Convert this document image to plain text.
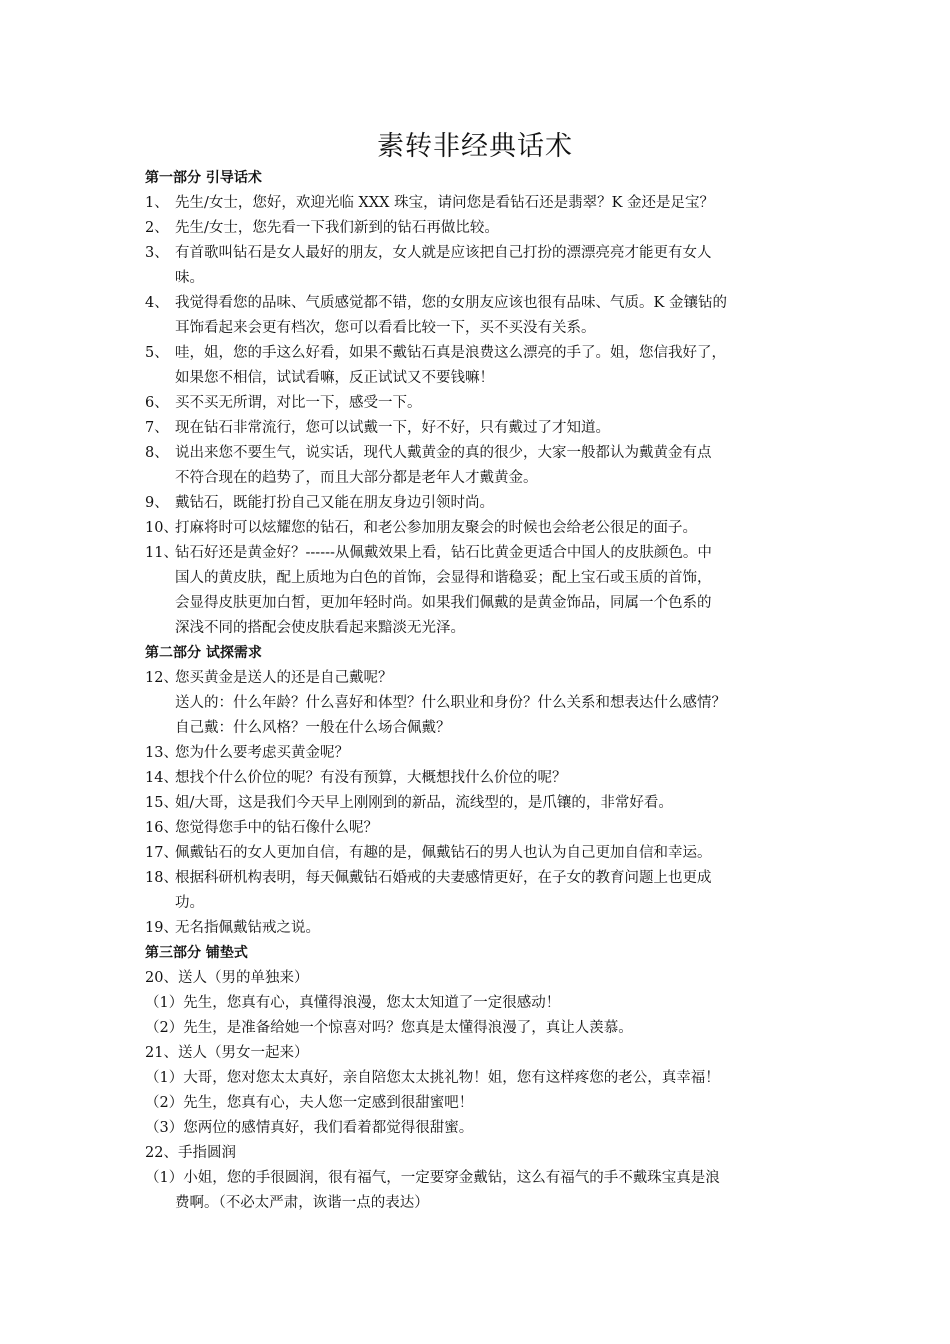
素转非经典话术
第一部分 引导话术
1、 先生/女士，您好，欢迎光临 XXX 珠宝，请问您是看钻石还是翡翠？K 金还是足宝？
2、 先生/女士，您先看一下我们新到的钻石再做比较。
3、 有首歌叫钻石是女人最好的朋友，女人就是应该把自己打扮的漂漂亮亮才能更有女人
味。
4、 我觉得看您的品味、气质感觉都不错，您的女朋友应该也很有品味、气质。K 金镶钻的
耳饰看起来会更有档次，您可以看看比较一下，买不买没有关系。
5、 哇，姐，您的手这么好看，如果不戴钻石真是浪费这么漂亮的手了。姐，您信我好了，
如果您不相信，试试看嘛，反正试试又不要钱嘛！
6、 买不买无所谓，对比一下，感受一下。
7、 现在钻石非常流行，您可以试戴一下，好不好，只有戴过了才知道。
8、 说出来您不要生气，说实话，现代人戴黄金的真的很少，大家一般都认为戴黄金有点
不符合现在的趋势了，而且大部分都是老年人才戴黄金。
9、 戴钻石，既能打扮自己又能在朋友身边引领时尚。
10、打麻将时可以炫耀您的钻石，和老公参加朋友聚会的时候也会给老公很足的面子。
11、钻石好还是黄金好？------从佩戴效果上看，钻石比黄金更适合中国人的皮肤颜色。中
国人的黄皮肤，配上质地为白色的首饰，会显得和谐稳妥；配上宝石或玉质的首饰，
会显得皮肤更加白皙，更加年轻时尚。如果我们佩戴的是黄金饰品，同属一个色系的
深浅不同的搭配会使皮肤看起来黯淡无光泽。
第二部分 试探需求
12、您买黄金是送人的还是自己戴呢？
送人的：什么年龄？什么喜好和体型？什么职业和身份？什么关系和想表达什么感情？
自己戴：什么风格？一般在什么场合佩戴？
13、您为什么要考虑买黄金呢？
14、想找个什么价位的呢？有没有预算，大概想找什么价位的呢？
15、姐/大哥，这是我们今天早上刚刚到的新品，流线型的，是爪镶的，非常好看。
16、您觉得您手中的钻石像什么呢？
17、佩戴钻石的女人更加自信，有趣的是，佩戴钻石的男人也认为自己更加自信和幸运。
18、根据科研机构表明，每天佩戴钻石婚戒的夫妻感情更好，在子女的教育问题上也更成
功。
19、无名指佩戴钻戒之说。
第三部分 铺垫式
20、送人（男的单独来）
（1）先生，您真有心，真懂得浪漫，您太太知道了一定很感动！
（2）先生，是准备给她一个惊喜对吗？您真是太懂得浪漫了，真让人羡慕。
21、送人（男女一起来）
（1）大哥，您对您太太真好，亲自陪您太太挑礼物！姐，您有这样疼您的老公，真幸福！
（2）先生，您真有心，夫人您一定感到很甜蜜吧！
（3）您两位的感情真好，我们看着都觉得很甜蜜。
22、手指圆润
（1）小姐，您的手很圆润，很有福气，一定要穿金戴钻，这么有福气的手不戴珠宝真是浪
费啊。（不必太严肃，诙谐一点的表达）
